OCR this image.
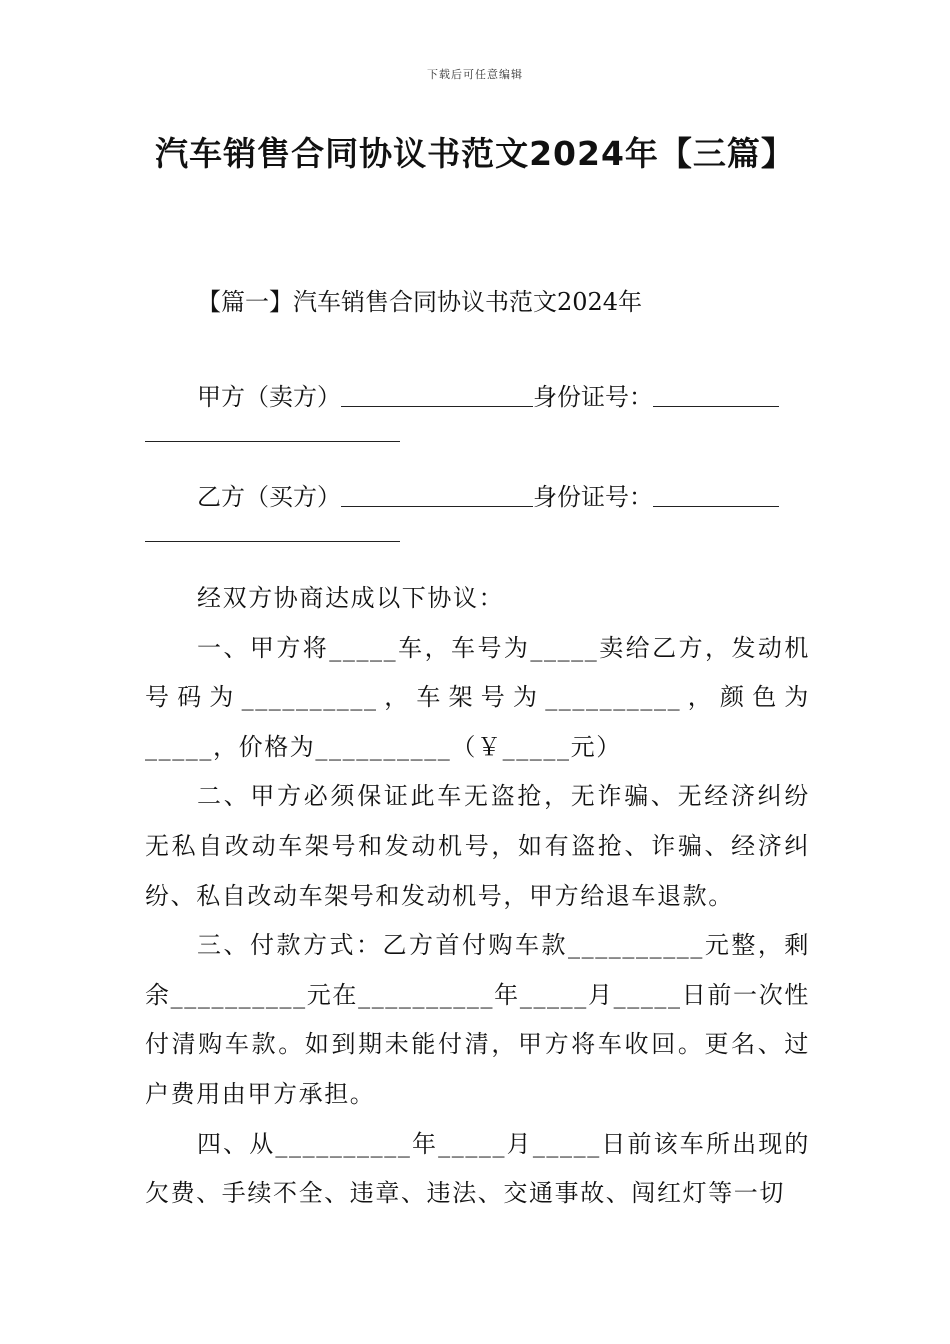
下载后可任意编辑
汽车销售合同协议书范文2024年【三篇】
【篇一】汽车销售合同协议书范文2024年
甲方（卖方）	身份证号：
乙方（买方）	身份证号：

经双方协商达成以下协议：

一、甲方将_____车，车号为_____卖给乙方，发动机号码为__________，车架号为__________，颜色为_____，价格为__________（￥_____元）

二、甲方必须保证此车无盗抢，无诈骗、无经济纠纷无私自改动车架号和发动机号，如有盗抢、诈骗、经济纠纷、私自改动车架号和发动机号，甲方给退车退款。

三、付款方式：乙方首付购车款__________元整，剩余__________元在__________年_____月_____日前一次性付清购车款。如到期未能付清，甲方将车收回。更名、过户费用由甲方承担。

四、从__________年_____月_____日前该车所出现的欠费、手续不全、违章、违法、交通事故、闯红灯等一切
